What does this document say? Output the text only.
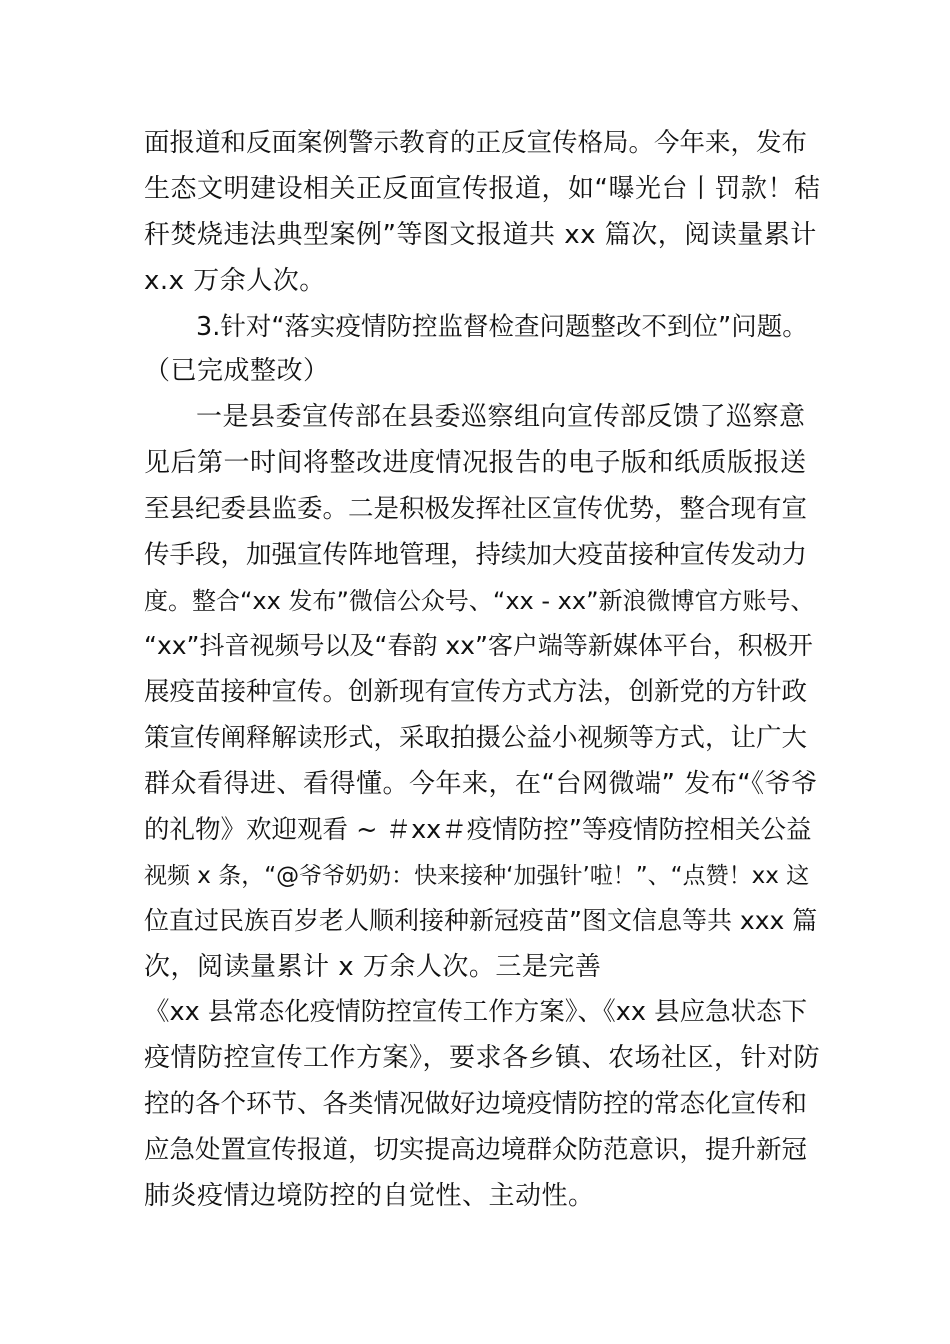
面报道和反面案例警示教育的正反宣传格局。今年来，发布
生态文明建设相关正反面宣传报道，如“曝光台丨罚款！秸
秆焚烧违法典型案例”等图文报道共 xx 篇次，阅读量累计
x.x 万余人次。
3.针对“落实疫情防控监督检查问题整改不到位”问题。
（已完成整改）
一是县委宣传部在县委巡察组向宣传部反馈了巡察意
见后第一时间将整改进度情况报告的电子版和纸质版报送
至县纪委县监委。二是积极发挥社区宣传优势，整合现有宣
传手段，加强宣传阵地管理，持续加大疫苗接种宣传发动力
度。整合“xx 发布”微信公众号、“xx - xx”新浪微博官方账号、
“xx”抖音视频号以及“春韵 xx”客户端等新媒体平台，积极开
展疫苗接种宣传。创新现有宣传方式方法，创新党的方针政
策宣传阐释解读形式，采取拍摄公益小视频等方式，让广大
群众看得进、看得懂。今年来，在“台网微端” 发布“《爷爷
的礼物》欢迎观看 ~ ＃xx＃疫情防控”等疫情防控相关公益
视频 x 条，“@爷爷奶奶：快来接种‘加强针’啦！”、“点赞！xx 这
位直过民族百岁老人顺利接种新冠疫苗”图文信息等共 xxx 篇
次，阅读量累计 x 万余人次。三是完善
《xx 县常态化疫情防控宣传工作方案》、《xx 县应急状态下
疫情防控宣传工作方案》，要求各乡镇、农场社区，针对防
控的各个环节、各类情况做好边境疫情防控的常态化宣传和
应急处置宣传报道，切实提高边境群众防范意识，提升新冠
肺炎疫情边境防控的自觉性、主动性。
